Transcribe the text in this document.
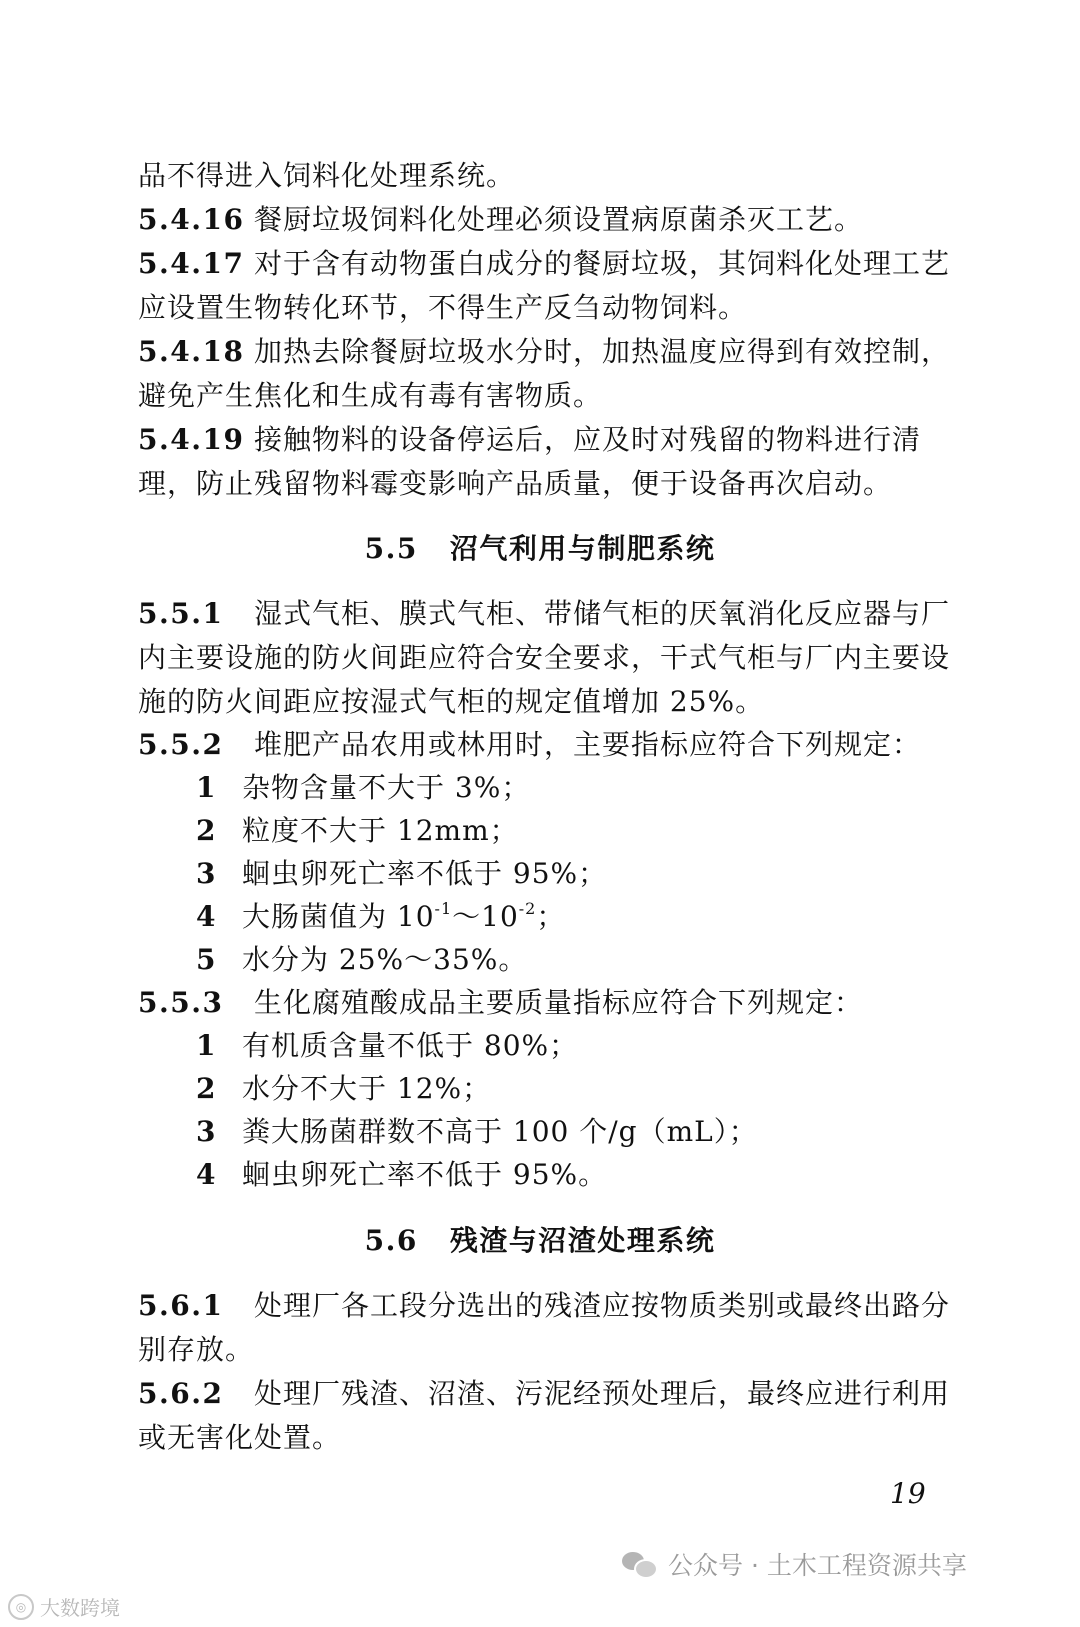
品不得进入饲料化处理系统。
5.4.16 餐厨垃圾饲料化处理必须设置病原菌杀灭工艺。
5.4.17 对于含有动物蛋白成分的餐厨垃圾，其饲料化处理工艺
应设置生物转化环节，不得生产反刍动物饲料。
5.4.18 加热去除餐厨垃圾水分时，加热温度应得到有效控制，
避免产生焦化和生成有毒有害物质。
5.4.19 接触物料的设备停运后，应及时对残留的物料进行清
理，防止残留物料霉变影响产品质量，便于设备再次启动。
5.5 沼气利用与制肥系统
5.5.1 湿式气柜、膜式气柜、带储气柜的厌氧消化反应器与厂
内主要设施的防火间距应符合安全要求，干式气柜与厂内主要设
施的防火间距应按湿式气柜的规定值增加 25%。
5.5.2 堆肥产品农用或林用时，主要指标应符合下列规定：
1 杂物含量不大于 3%；
2 粒度不大于 12mm；
3 蛔虫卵死亡率不低于 95%；
4 大肠菌值为 $10^{-1}\sim 10^{-2}$；
5 水分为 25%～35%。
5.5.3 生化腐殖酸成品主要质量指标应符合下列规定：
1 有机质含量不低于 80%；
2 水分不大于 12%；
3 粪大肠菌群数不高于 100 个/g（mL）；
4 蛔虫卵死亡率不低于 95%。
5.6 残渣与沼渣处理系统
5.6.1 处理厂各工段分选出的残渣应按物质类别或最终出路分
别存放。
5.6.2 处理厂残渣、沼渣、污泥经预处理后，最终应进行利用
或无害化处置。
19
公众号 · 土木工程资源共享
◎ 大数跨境
